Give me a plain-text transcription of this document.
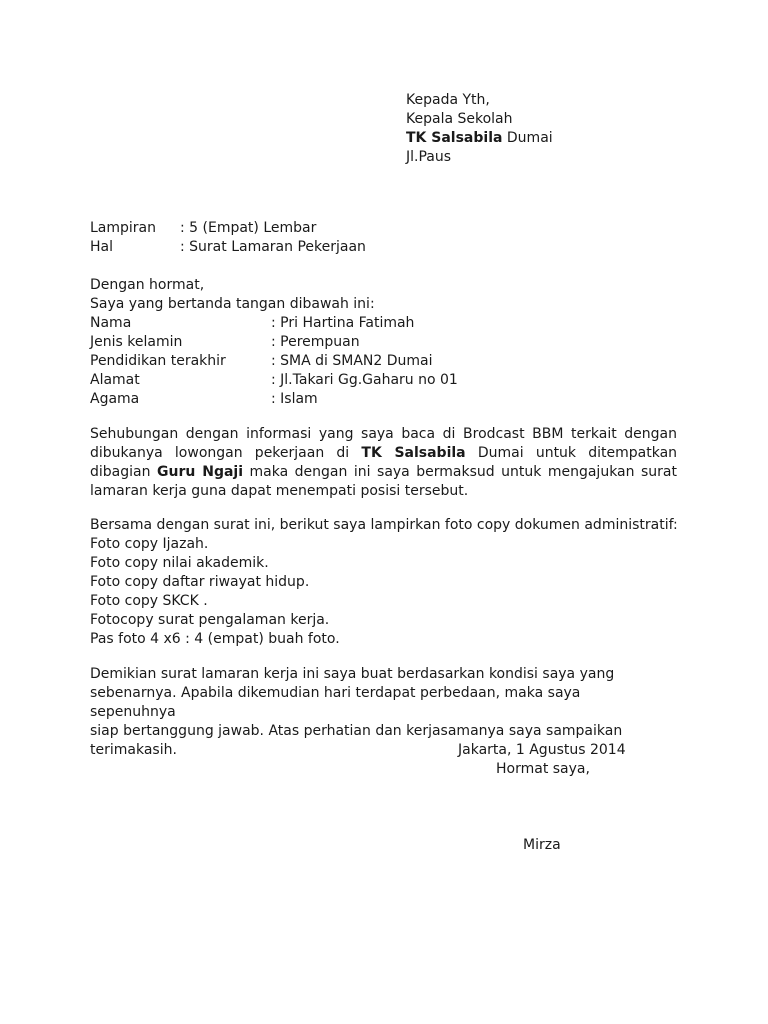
Kepada Yth,
Kepala Sekolah
TK Salsabila Dumai
Jl.Paus
Lampiran	: 5 (Empat) Lembar
Hal	: Surat Lamaran Pekerjaan
Dengan hormat,
Saya yang bertanda tangan dibawah ini:
Nama	: Pri Hartina Fatimah
Jenis kelamin	: Perempuan
Pendidikan terakhir	: SMA di SMAN2 Dumai
Alamat	: Jl.Takari Gg.Gaharu no 01
Agama	: Islam
Sehubungan dengan informasi yang saya baca di Brodcast BBM terkait dengan dibukanya lowongan pekerjaan di TK Salsabila Dumai untuk ditempatkan dibagian Guru Ngaji maka dengan ini saya bermaksud untuk mengajukan surat lamaran kerja guna dapat menempati posisi tersebut.
Bersama dengan surat ini, berikut saya lampirkan foto copy dokumen administratif:
Foto copy Ijazah.
Foto copy nilai akademik.
Foto copy daftar riwayat hidup.
Foto copy SKCK .
Fotocopy surat pengalaman kerja.
Pas foto 4 x6 : 4 (empat) buah foto.
Demikian surat lamaran kerja ini saya buat berdasarkan kondisi saya yang
sebenarnya. Apabila dikemudian hari terdapat perbedaan, maka saya sepenuhnya
siap bertanggung jawab. Atas perhatian dan kerjasamanya saya sampaikan
terimakasih.	Jakarta, 1 Agustus 2014
Hormat saya,
Mirza
